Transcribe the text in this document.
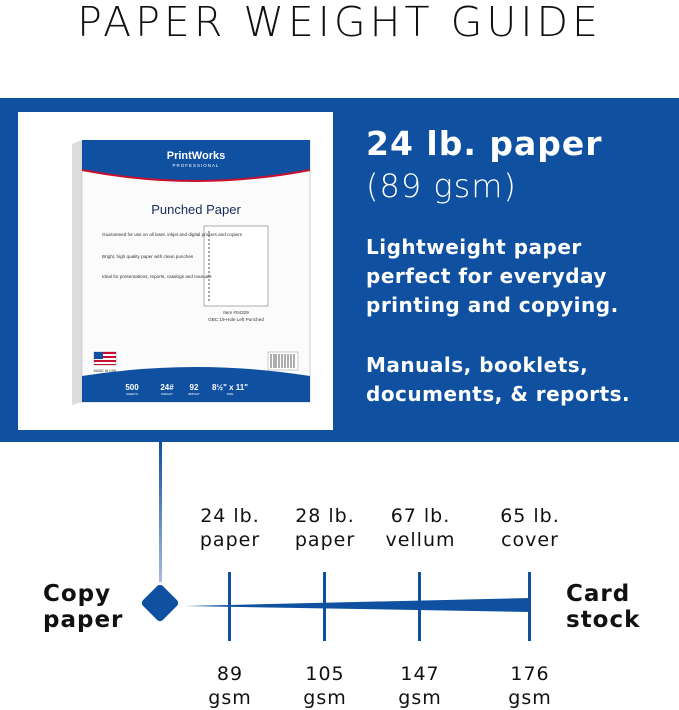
PAPER WEIGHT GUIDE
PrintWorks
PROFESSIONAL
Punched Paper
Guaranteed for use on all laser, inkjet and digital printers and copiers Bright, high quality paper with clean punches Ideal for presentations, reports, catalogs and manuals
Item #04329
GBC 19-Hole Left Punched
MADE IN USA
500	24# 92 8½" x 11"
SHEETS	WEIGHT	BRIGHT	SIZE
24 lb. paper
(89 gsm)
Lightweight paper
perfect for everyday
printing and copying.
Manuals, booklets,
documents, & reports.
24 lb.
paper
28 lb.
paper
67 lb.
vellum
65 lb.
cover
89
gsm
105
gsm
147
gsm
176
gsm
Copy
paper
Card
stock
